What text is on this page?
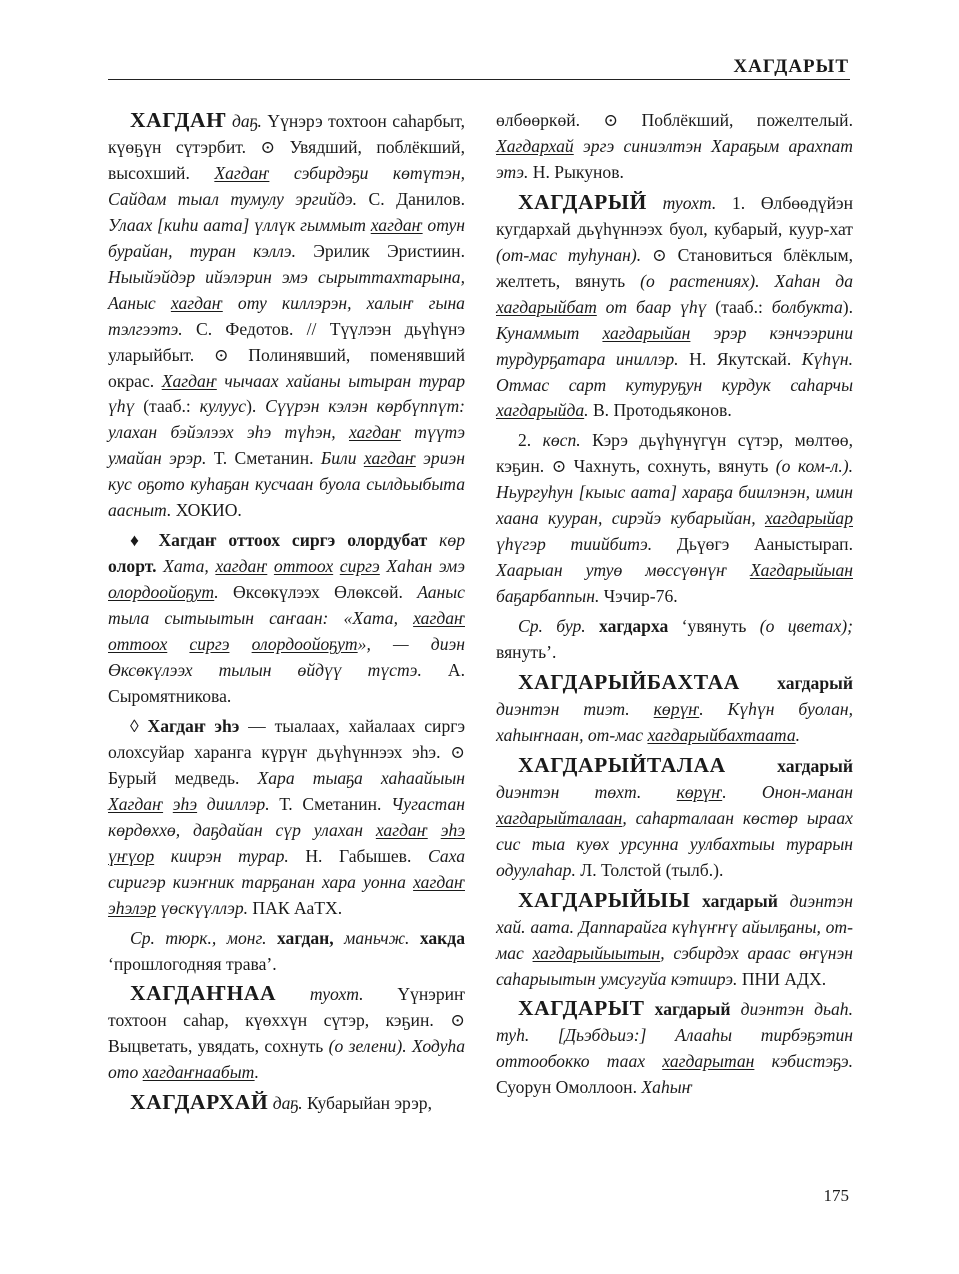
ХАГДАРЫТ

ХАГДАҤ даҕ. Үүнэрэ тохтоон саһарбыт, күөҕүн сүтэрбит. ⊙ Увядший, поблёкший, высохший. Хагдаҥ сэбирдэҕи көтүтэн, Сайдам тыал тумулу эргийдэ. С. Данилов. Улаах [киһи аата] үллүк гыммыт хагдаҥ отун бурайан, туран кэллэ. Эрилик Эристиин. Ныыйэйдэр ийэлэрин эмэ сырыттахтарына, Ааныс хагдаҥ оту киллэрэн, халыҥ гына тэлгээтэ. С. Федотов. // Түүлээн дьүһүнэ уларыйбыт. ⊙ Полинявший, поменявший окрас. Хагдаҥ чычаах хайаны ытыран турар үһү (тааб.: кулуус). Сүүрэн кэлэн көрбүппүт: улахан бэйэлээх эһэ түһэн, хагдаҥ түүтэ умайан эрэр. Т. Сметанин. Били хагдаҥ эриэн кус оҕото куһаҕан кусчаан буола сылдьыбыта аасныт. ХОКИО.

♦ Хагдаҥ оттоох сиргэ олордубат көр олорт. Хата, хагдаҥ оттоох сиргэ Хаһан эмэ олордоойоҕут. Өксөкүлээх Өлөксөй. Ааныс тыла сытыытын саҥаан: «Хата, хагдаҥ оттоох сиргэ олордоойоҕут», — диэн Өксөкүлээх тылын өйдүү түстэ. А. Сыромятникова.

◊ Хагдаҥ эһэ — тыалаах, хайалаах сиргэ олохсуйар харанга күрүҥ дьүһүннээх эһэ. ⊙ Бурый медведь. Хара тыаҕа хаһаайыын Хагдаҥ эһэ дииллэр. Т. Сметанин. Чугастан көрдөххө, даҕдайан сүр улахан хагдаҥ эһэ үҥүор киирэн турар. Н. Габышев. Саха сиригэр киэҥник тарҕанан хара уонна хагдаҥ эһэлэр үөскүүллэр. ПАК АаТХ.

Ср. тюрк., монг. хагдан, маньчж. хакда ‘прошлогодняя трава’.

ХАГДАҤНАА туохт. Үүнэриҥ тохтоон саһар, күөххүн сүтэр, кэҕин. ⊙ Выцветать, увядать, сохнуть (о зелени). Ходуһа ото хагдаҥнаабыт.

ХАГДАРХАЙ даҕ. Кубарыйан эрэр,

өлбөөркөй. ⊙ Поблёкший, пожелтелый. Хагдархай эргэ синиэлтэн Хараҕым арахпат этэ. Н. Рыкунов.

ХАГДАРЫЙ туохт. 1. Өлбөөдүйэн кугдархай дьүһүннээх буол, кубарый, куур-хат (от-мас туһунан). ⊙ Становиться блёклым, желтеть, вянуть (о растениях). Хаһан да хагдарыйбат от баар үһү (тааб.: болбукта). Кунаммыт хагдарыйан эрэр кэнчээрини турдурҕатара иниллэр. Н. Якутскай. Күһүн. Отмас сарт кутуруҕун курдук саһарчы хагдарыйда. В. Протодьяконов.

2. көсп. Кэрэ дьүһүнүгүн сүтэр, мөлтөө, кэҕин. ⊙ Чахнуть, сохнуть, вянуть (о ком-л.). Ньургуһун [кыыс аата] хараҕа биилэнэн, имин хаана куурaн, сирэйэ кубарыйан, хагдарыйар үһүгэр тиийбитэ. Дьүөгэ Ааныстырап. Хаарыан утуө мөссүөнүҥ Хагдарыйыан баҕарбаппын. Чэчир-76.

Ср. бур. хагдарха ‘увянуть (о цветах); вянуть’.

ХАГДАРЫЙБАХТАА хагдарый диэнтэн тиэт. көрүҥ. Күһүн буолан, хаһыҥнаан, от-мас хагдарыйбахтаата.

ХАГДАРЫЙТАЛАА хагдарый диэнтэн төхт. көрүҥ. Онон-манан хагдарыйталаан, саһарталаан көстөр ыраах сис тыа куөх урсунна уулбахтыы турарын одуулаһар. Л. Толстой (тылб.).

ХАГДАРЫЙЫЫ хагдарый диэнтэн хай. аата. Даппарайга күһүҥҥү айылҕаны, от-мас хагдарыйыытын, сэбирдэх араас өҥүнэн саһарыытын умсугуйа кэтиирэ. ПНИ АДХ.

ХАГДАРЫТ хагдарый диэнтэн дьаһ. туһ. [Дьэбдьиэ:] Алааһы тирбэҕэтин оттообокко таах хагдарытан кэбистэҕэ. Суорун Омоллоон. Хаһыҥ

175
